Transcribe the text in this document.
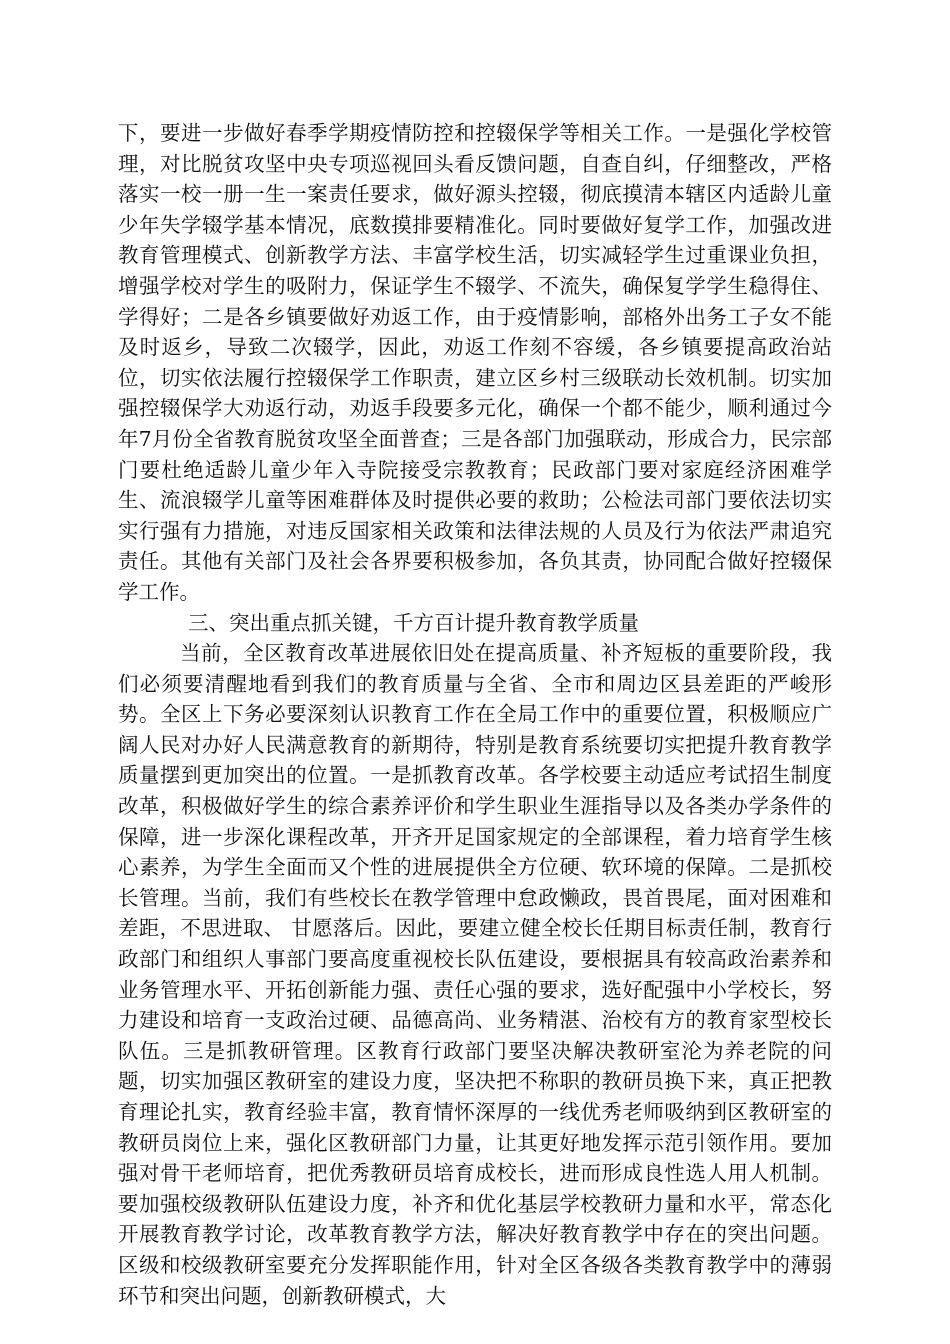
下，要进一步做好春季学期疫情防控和控辍保学等相关工作。一是强化学校管理，对比脱贫攻坚中央专项巡视回头看反馈问题，自查自纠，仔细整改，严格落实一校一册一生一案责任要求，做好源头控辍，彻底摸清本辖区内适龄儿童少年失学辍学基本情况，底数摸排要精准化。同时要做好复学工作，加强改进教育管理模式、创新教学方法、丰富学校生活，切实减轻学生过重课业负担，增强学校对学生的吸附力，保证学生不辍学、不流失，确保复学学生稳得住、学得好；二是各乡镇要做好劝返工作，由于疫情影响，部格外出务工子女不能及时返乡，导致二次辍学，因此，劝返工作刻不容缓，各乡镇要提高政治站位，切实依法履行控辍保学工作职责，建立区乡村三级联动长效机制。切实加强控辍保学大劝返行动，劝返手段要多元化，确保一个都不能少，顺利通过今年7月份全省教育脱贫攻坚全面普查；三是各部门加强联动，形成合力，民宗部门要杜绝适龄儿童少年入寺院接受宗教教育；民政部门要对家庭经济困难学生、流浪辍学儿童等困难群体及时提供必要的救助；公检法司部门要依法切实实行强有力措施，对违反国家相关政策和法律法规的人员及行为依法严肃追究责任。其他有关部门及社会各界要积极参加，各负其责，协同配合做好控辍保学工作。

三、突出重点抓关键，千方百计提升教育教学质量

当前，全区教育改革进展依旧处在提高质量、补齐短板的重要阶段，我们必须要清醒地看到我们的教育质量与全省、全市和周边区县差距的严峻形势。全区上下务必要深刻认识教育工作在全局工作中的重要位置，积极顺应广阔人民对办好人民满意教育的新期待，特别是教育系统要切实把提升教育教学质量摆到更加突出的位置。一是抓教育改革。各学校要主动适应考试招生制度改革，积极做好学生的综合素养评价和学生职业生涯指导以及各类办学条件的保障，进一步深化课程改革，开齐开足国家规定的全部课程，着力培育学生核心素养，为学生全面而又个性的进展提供全方位硬、软环境的保障。二是抓校长管理。当前，我们有些校长在教学管理中怠政懒政，畏首畏尾，面对困难和差距，不思进取、 甘愿落后。因此，要建立健全校长任期目标责任制，教育行政部门和组织人事部门要高度重视校长队伍建设，要根据具有较高政治素养和业务管理水平、开拓创新能力强、责任心强的要求，选好配强中小学校长，努力建设和培育一支政治过硬、品德高尚、业务精湛、治校有方的教育家型校长队伍。三是抓教研管理。区教育行政部门要坚决解决教研室沦为养老院的问题，切实加强区教研室的建设力度，坚决把不称职的教研员换下来，真正把教育理论扎实，教育经验丰富，教育情怀深厚的一线优秀老师吸纳到区教研室的教研员岗位上来，强化区教研部门力量，让其更好地发挥示范引领作用。要加强对骨干老师培育，把优秀教研员培育成校长，进而形成良性选人用人机制。要加强校级教研队伍建设力度，补齐和优化基层学校教研力量和水平，常态化开展教育教学讨论，改革教育教学方法，解决好教育教学中存在的突出问题。区级和校级教研室要充分发挥职能作用，针对全区各级各类教育教学中的薄弱环节和突出问题，创新教研模式，大
